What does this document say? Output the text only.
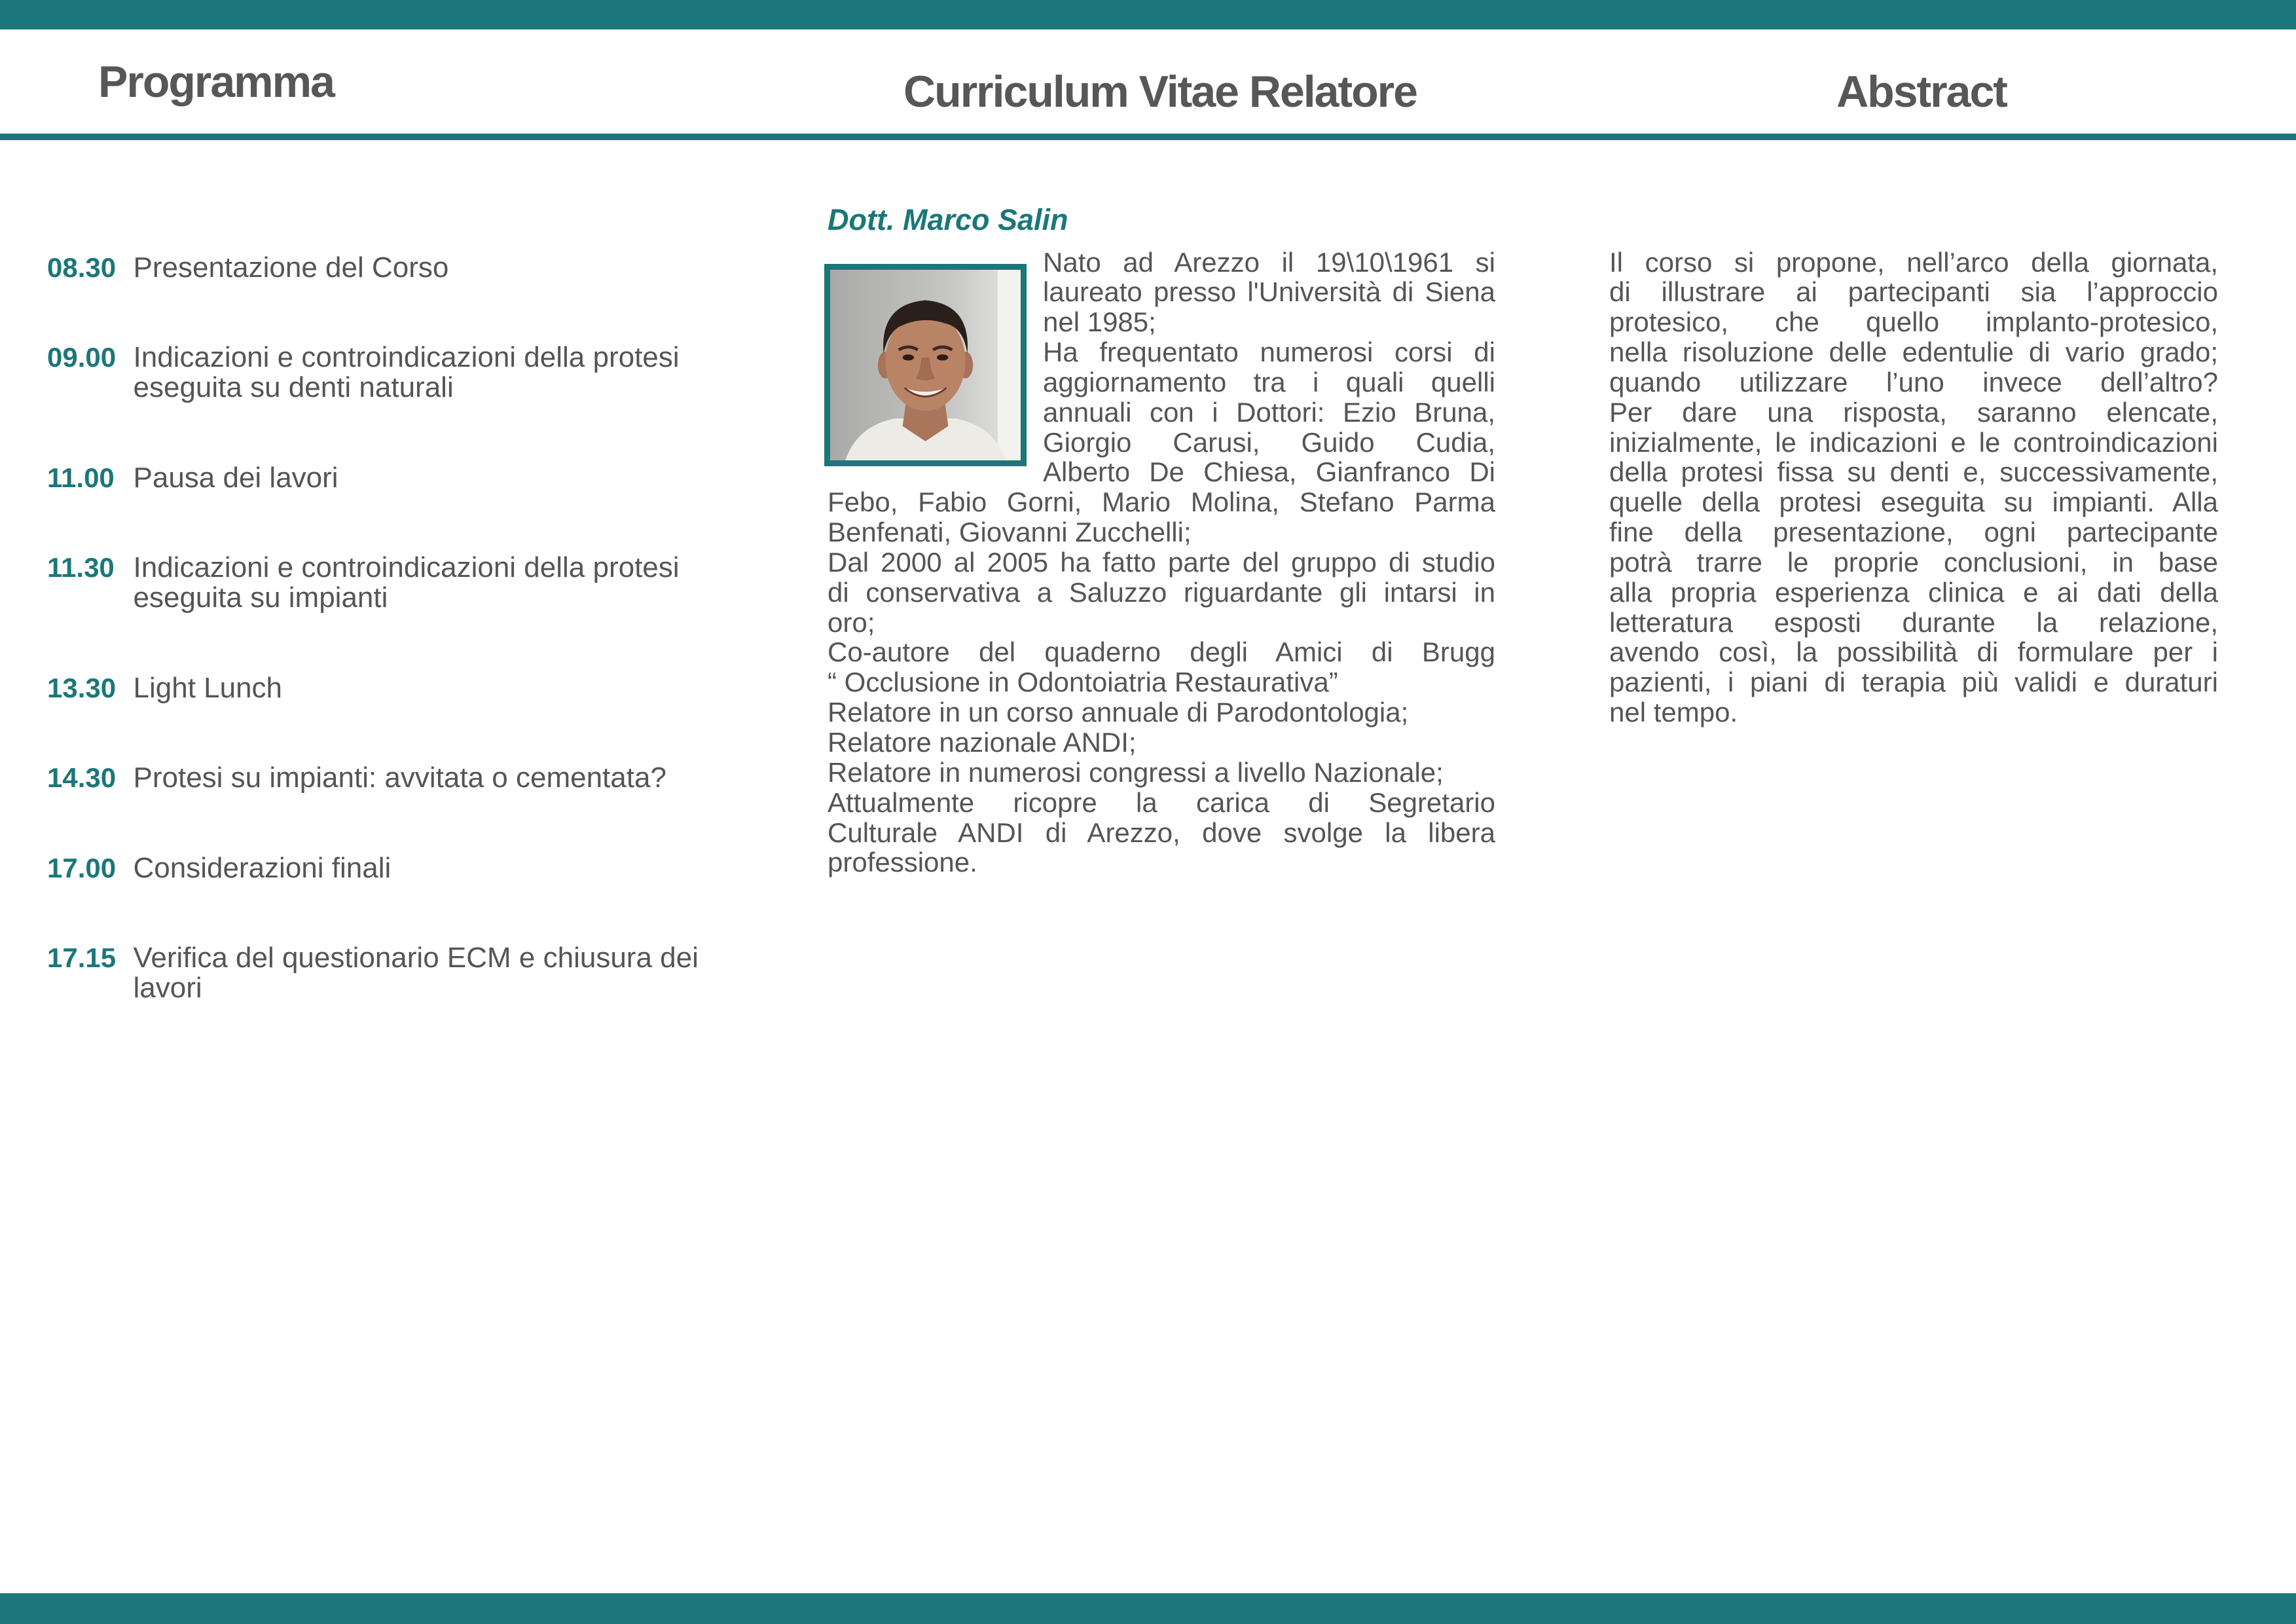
Programma	Curriculum Vitae Relatore	Abstract
08.30 Presentazione del Corso
09.00 Indicazioni e controindicazioni della protesi eseguita su denti naturali
11.00 Pausa dei lavori
11.30 Indicazioni e controindicazioni della protesi eseguita su impianti
13.30 Light Lunch
14.30 Protesi su impianti: avvitata o cementata?
17.00 Considerazioni finali
17.15 Verifica del questionario ECM e chiusura dei lavori
Dott. Marco Salin
Nato ad Arezzo il 19\10\1961 si
laureato presso l'Università di Siena
nel 1985;
Ha frequentato numerosi corsi di
aggiornamento tra i quali quelli
annuali con i Dottori: Ezio Bruna,
Giorgio Carusi, Guido Cudia,
Alberto De Chiesa, Gianfranco Di
Febo, Fabio Gorni, Mario Molina, Stefano Parma
Benfenati, Giovanni Zucchelli;
Dal 2000 al 2005 ha fatto parte del gruppo di studio
di conservativa a Saluzzo riguardante gli intarsi in
oro;
Co-autore del quaderno degli Amici di Brugg
“ Occlusione in Odontoiatria Restaurativa”
Relatore in un corso annuale di Parodontologia;
Relatore nazionale ANDI;
Relatore in numerosi congressi a livello Nazionale;
Attualmente ricopre la carica di Segretario
Culturale ANDI di Arezzo, dove svolge la libera
professione.
Il corso si propone, nell’arco della giornata,
di illustrare ai partecipanti sia l’approccio
protesico, che quello implanto-protesico,
nella risoluzione delle edentulie di vario grado;
quando utilizzare l’uno invece dell’altro?
Per dare una risposta, saranno elencate,
inizialmente, le indicazioni e le controindicazioni
della protesi fissa su denti e, successivamente,
quelle della protesi eseguita su impianti. Alla
fine della presentazione, ogni partecipante
potrà trarre le proprie conclusioni, in base
alla propria esperienza clinica e ai dati della
letteratura esposti durante la relazione,
avendo così, la possibilità di formulare per i
pazienti, i piani di terapia più validi e duraturi
nel tempo.
